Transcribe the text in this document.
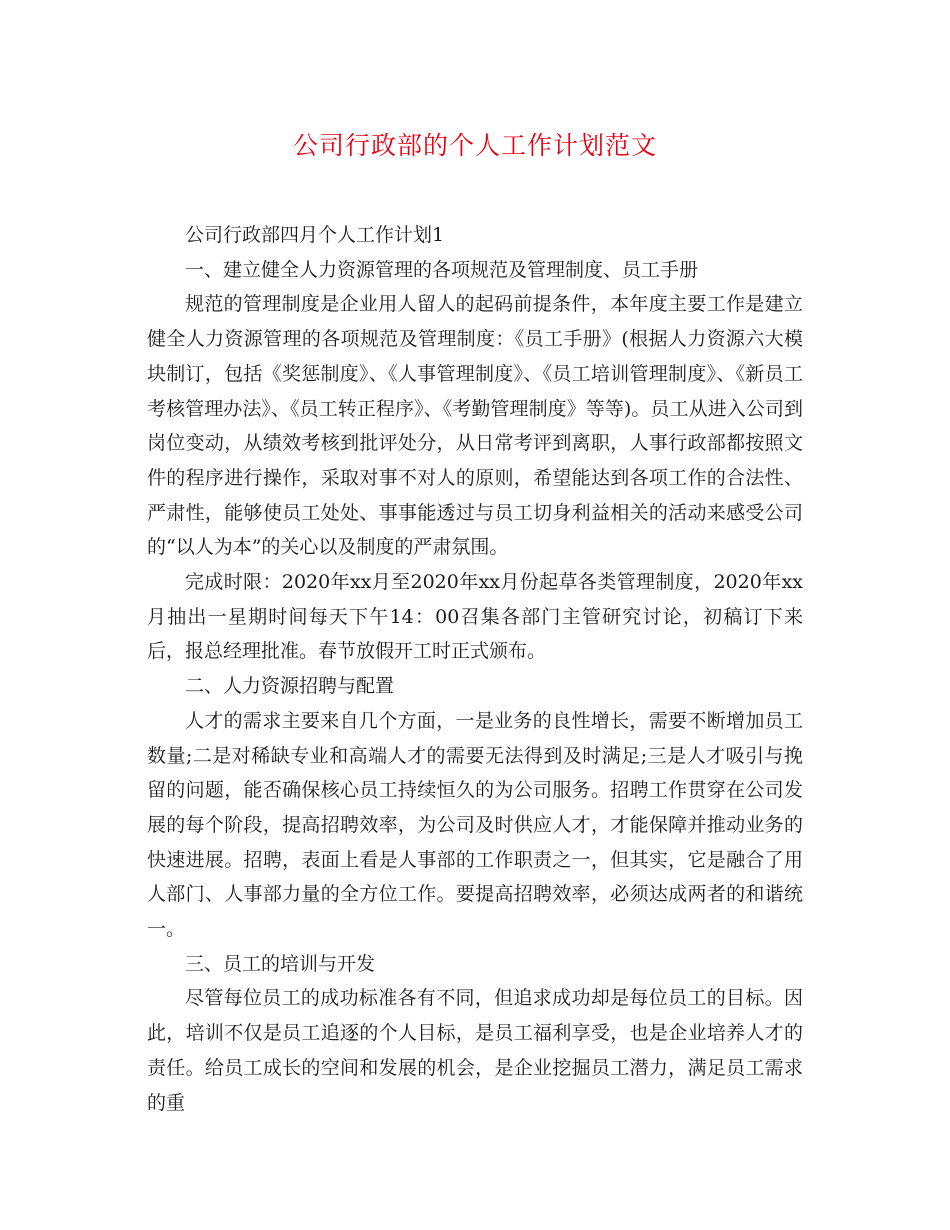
公司行政部的个人工作计划范文

公司行政部四月个人工作计划1

一、建立健全人力资源管理的各项规范及管理制度、员工手册

规范的管理制度是企业用人留人的起码前提条件，本年度主要工作是建立健全人力资源管理的各项规范及管理制度：《员工手册》(根据人力资源六大模块制订，包括《奖惩制度》、《人事管理制度》、《员工培训管理制度》、《新员工考核管理办法》、《员工转正程序》、《考勤管理制度》等等)。员工从进入公司到岗位变动，从绩效考核到批评处分，从日常考评到离职，人事行政部都按照文件的程序进行操作，采取对事不对人的原则，希望能达到各项工作的合法性、严肃性，能够使员工处处、事事能透过与员工切身利益相关的活动来感受公司的“以人为本”的关心以及制度的严肃氛围。

完成时限：2020年xx月至2020年xx月份起草各类管理制度，2020年xx月抽出一星期时间每天下午14：00召集各部门主管研究讨论，初稿订下来后，报总经理批准。春节放假开工时正式颁布。

二、人力资源招聘与配置

人才的需求主要来自几个方面，一是业务的良性增长，需要不断增加员工数量;二是对稀缺专业和高端人才的需要无法得到及时满足;三是人才吸引与挽留的问题，能否确保核心员工持续恒久的为公司服务。招聘工作贯穿在公司发展的每个阶段，提高招聘效率，为公司及时供应人才，才能保障并推动业务的快速进展。招聘，表面上看是人事部的工作职责之一，但其实，它是融合了用人部门、人事部力量的全方位工作。要提高招聘效率，必须达成两者的和谐统一。

三、员工的培训与开发

尽管每位员工的成功标准各有不同，但追求成功却是每位员工的目标。因此，培训不仅是员工追逐的个人目标，是员工福利享受，也是企业培养人才的责任。给员工成长的空间和发展的机会，是企业挖掘员工潜力，满足员工需求的重
